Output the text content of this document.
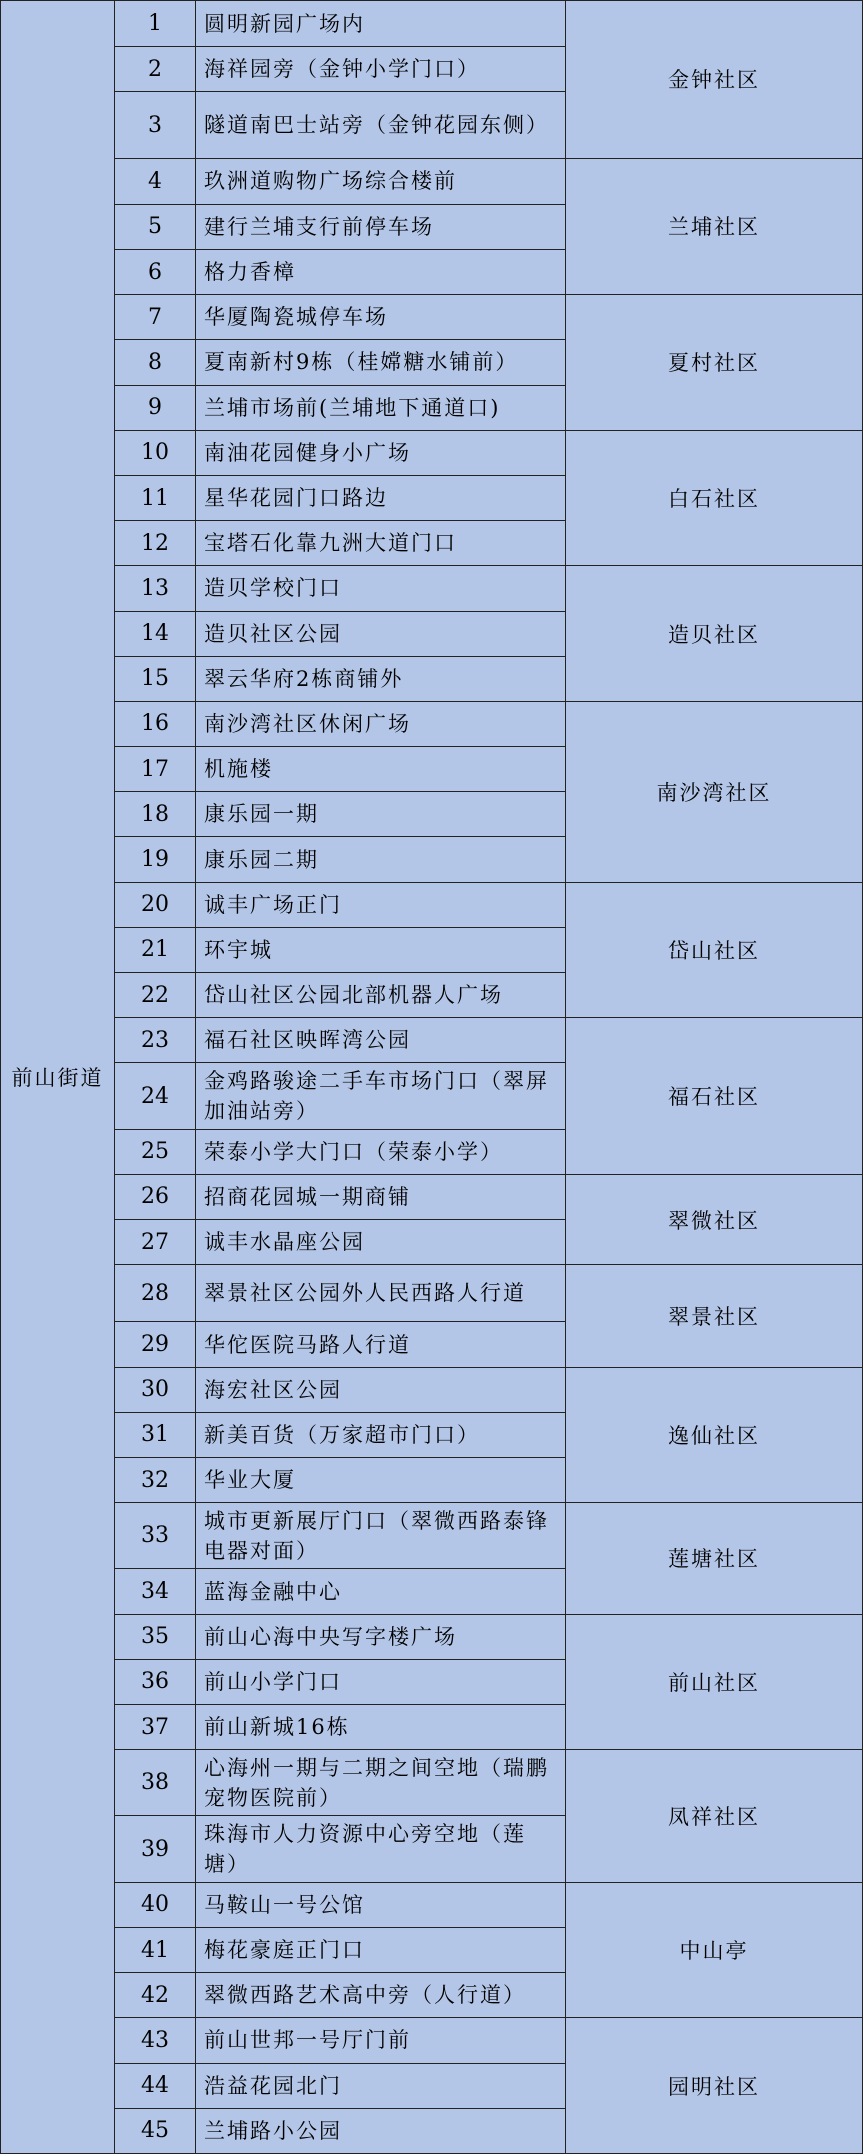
前山街道	1	圆明新园广场内	金钟社区
	2	海祥园旁（金钟小学门口）	
	3	隧道南巴士站旁（金钟花园东侧）	
	4	玖洲道购物广场综合楼前	兰埔社区
	5	建行兰埔支行前停车场	
	6	格力香樟	
	7	华厦陶瓷城停车场	夏村社区
	8	夏南新村9栋（桂嫦糖水铺前）	
	9	兰埔市场前(兰埔地下通道口)	
	10	南油花园健身小广场	白石社区
	11	星华花园门口路边	
	12	宝塔石化靠九洲大道门口	
	13	造贝学校门口	造贝社区
	14	造贝社区公园	
	15	翠云华府2栋商铺外	
	16	南沙湾社区休闲广场	南沙湾社区
	17	机施楼	
	18	康乐园一期	
	19	康乐园二期	
	20	诚丰广场正门	岱山社区
	21	环宇城	
	22	岱山社区公园北部机器人广场	
	23	福石社区映晖湾公园	福石社区
	24	金鸡路骏途二手车市场门口（翠屏加油站旁）	
	25	荣泰小学大门口（荣泰小学）	
	26	招商花园城一期商铺	翠微社区
	27	诚丰水晶座公园	
	28	翠景社区公园外人民西路人行道	翠景社区
	29	华佗医院马路人行道	
	30	海宏社区公园	逸仙社区
	31	新美百货（万家超市门口）	
	32	华业大厦	
	33	城市更新展厅门口（翠微西路泰锋电器对面）	莲塘社区
	34	蓝海金融中心	
	35	前山心海中央写字楼广场	前山社区
	36	前山小学门口	
	37	前山新城16栋	
	38	心海州一期与二期之间空地（瑞鹏宠物医院前）	凤祥社区
	39	珠海市人力资源中心旁空地（莲塘）	
	40	马鞍山一号公馆	中山亭
	41	梅花豪庭正门口	
	42	翠微西路艺术高中旁（人行道）	
	43	前山世邦一号厅门前	园明社区
	44	浩益花园北门	
	45	兰埔路小公园	
